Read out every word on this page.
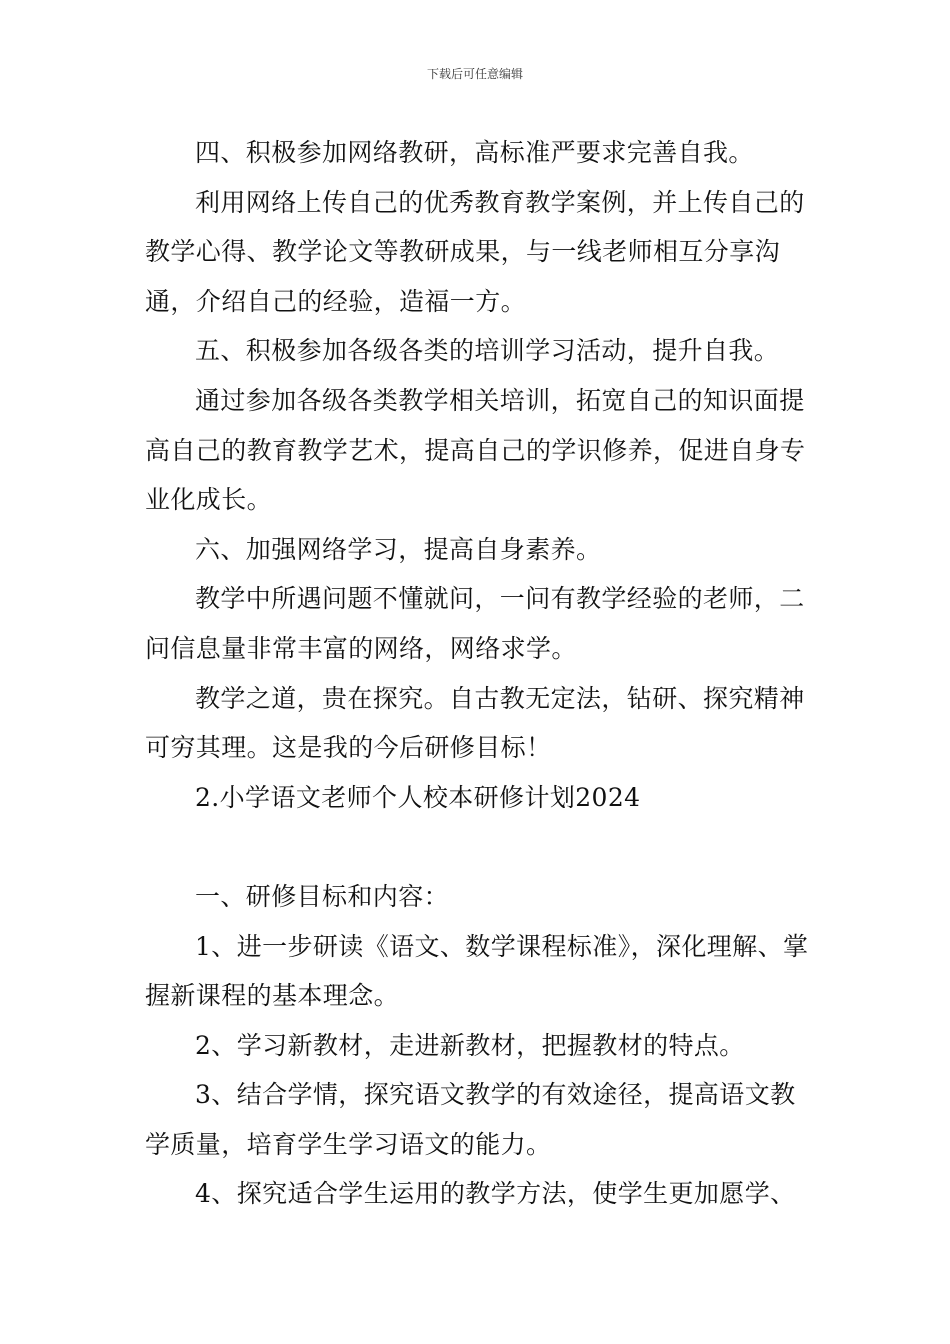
下载后可任意编辑

四、积极参加网络教研，高标准严要求完善自我。

利用网络上传自己的优秀教育教学案例，并上传自己的教学心得、教学论文等教研成果，与一线老师相互分享沟通，介绍自己的经验，造福一方。

五、积极参加各级各类的培训学习活动，提升自我。

通过参加各级各类教学相关培训，拓宽自己的知识面提高自己的教育教学艺术，提高自己的学识修养，促进自身专业化成长。

六、加强网络学习，提高自身素养。

教学中所遇问题不懂就问，一问有教学经验的老师，二问信息量非常丰富的网络，网络求学。

教学之道，贵在探究。自古教无定法，钻研、探究精神可穷其理。这是我的今后研修目标！

2.小学语文老师个人校本研修计划2024

一、研修目标和内容：

1、进一步研读《语文、数学课程标准》，深化理解、掌握新课程的基本理念。

2、学习新教材，走进新教材，把握教材的特点。

3、结合学情，探究语文教学的有效途径，提高语文教学质量，培育学生学习语文的能力。

4、探究适合学生运用的教学方法，使学生更加愿学、
